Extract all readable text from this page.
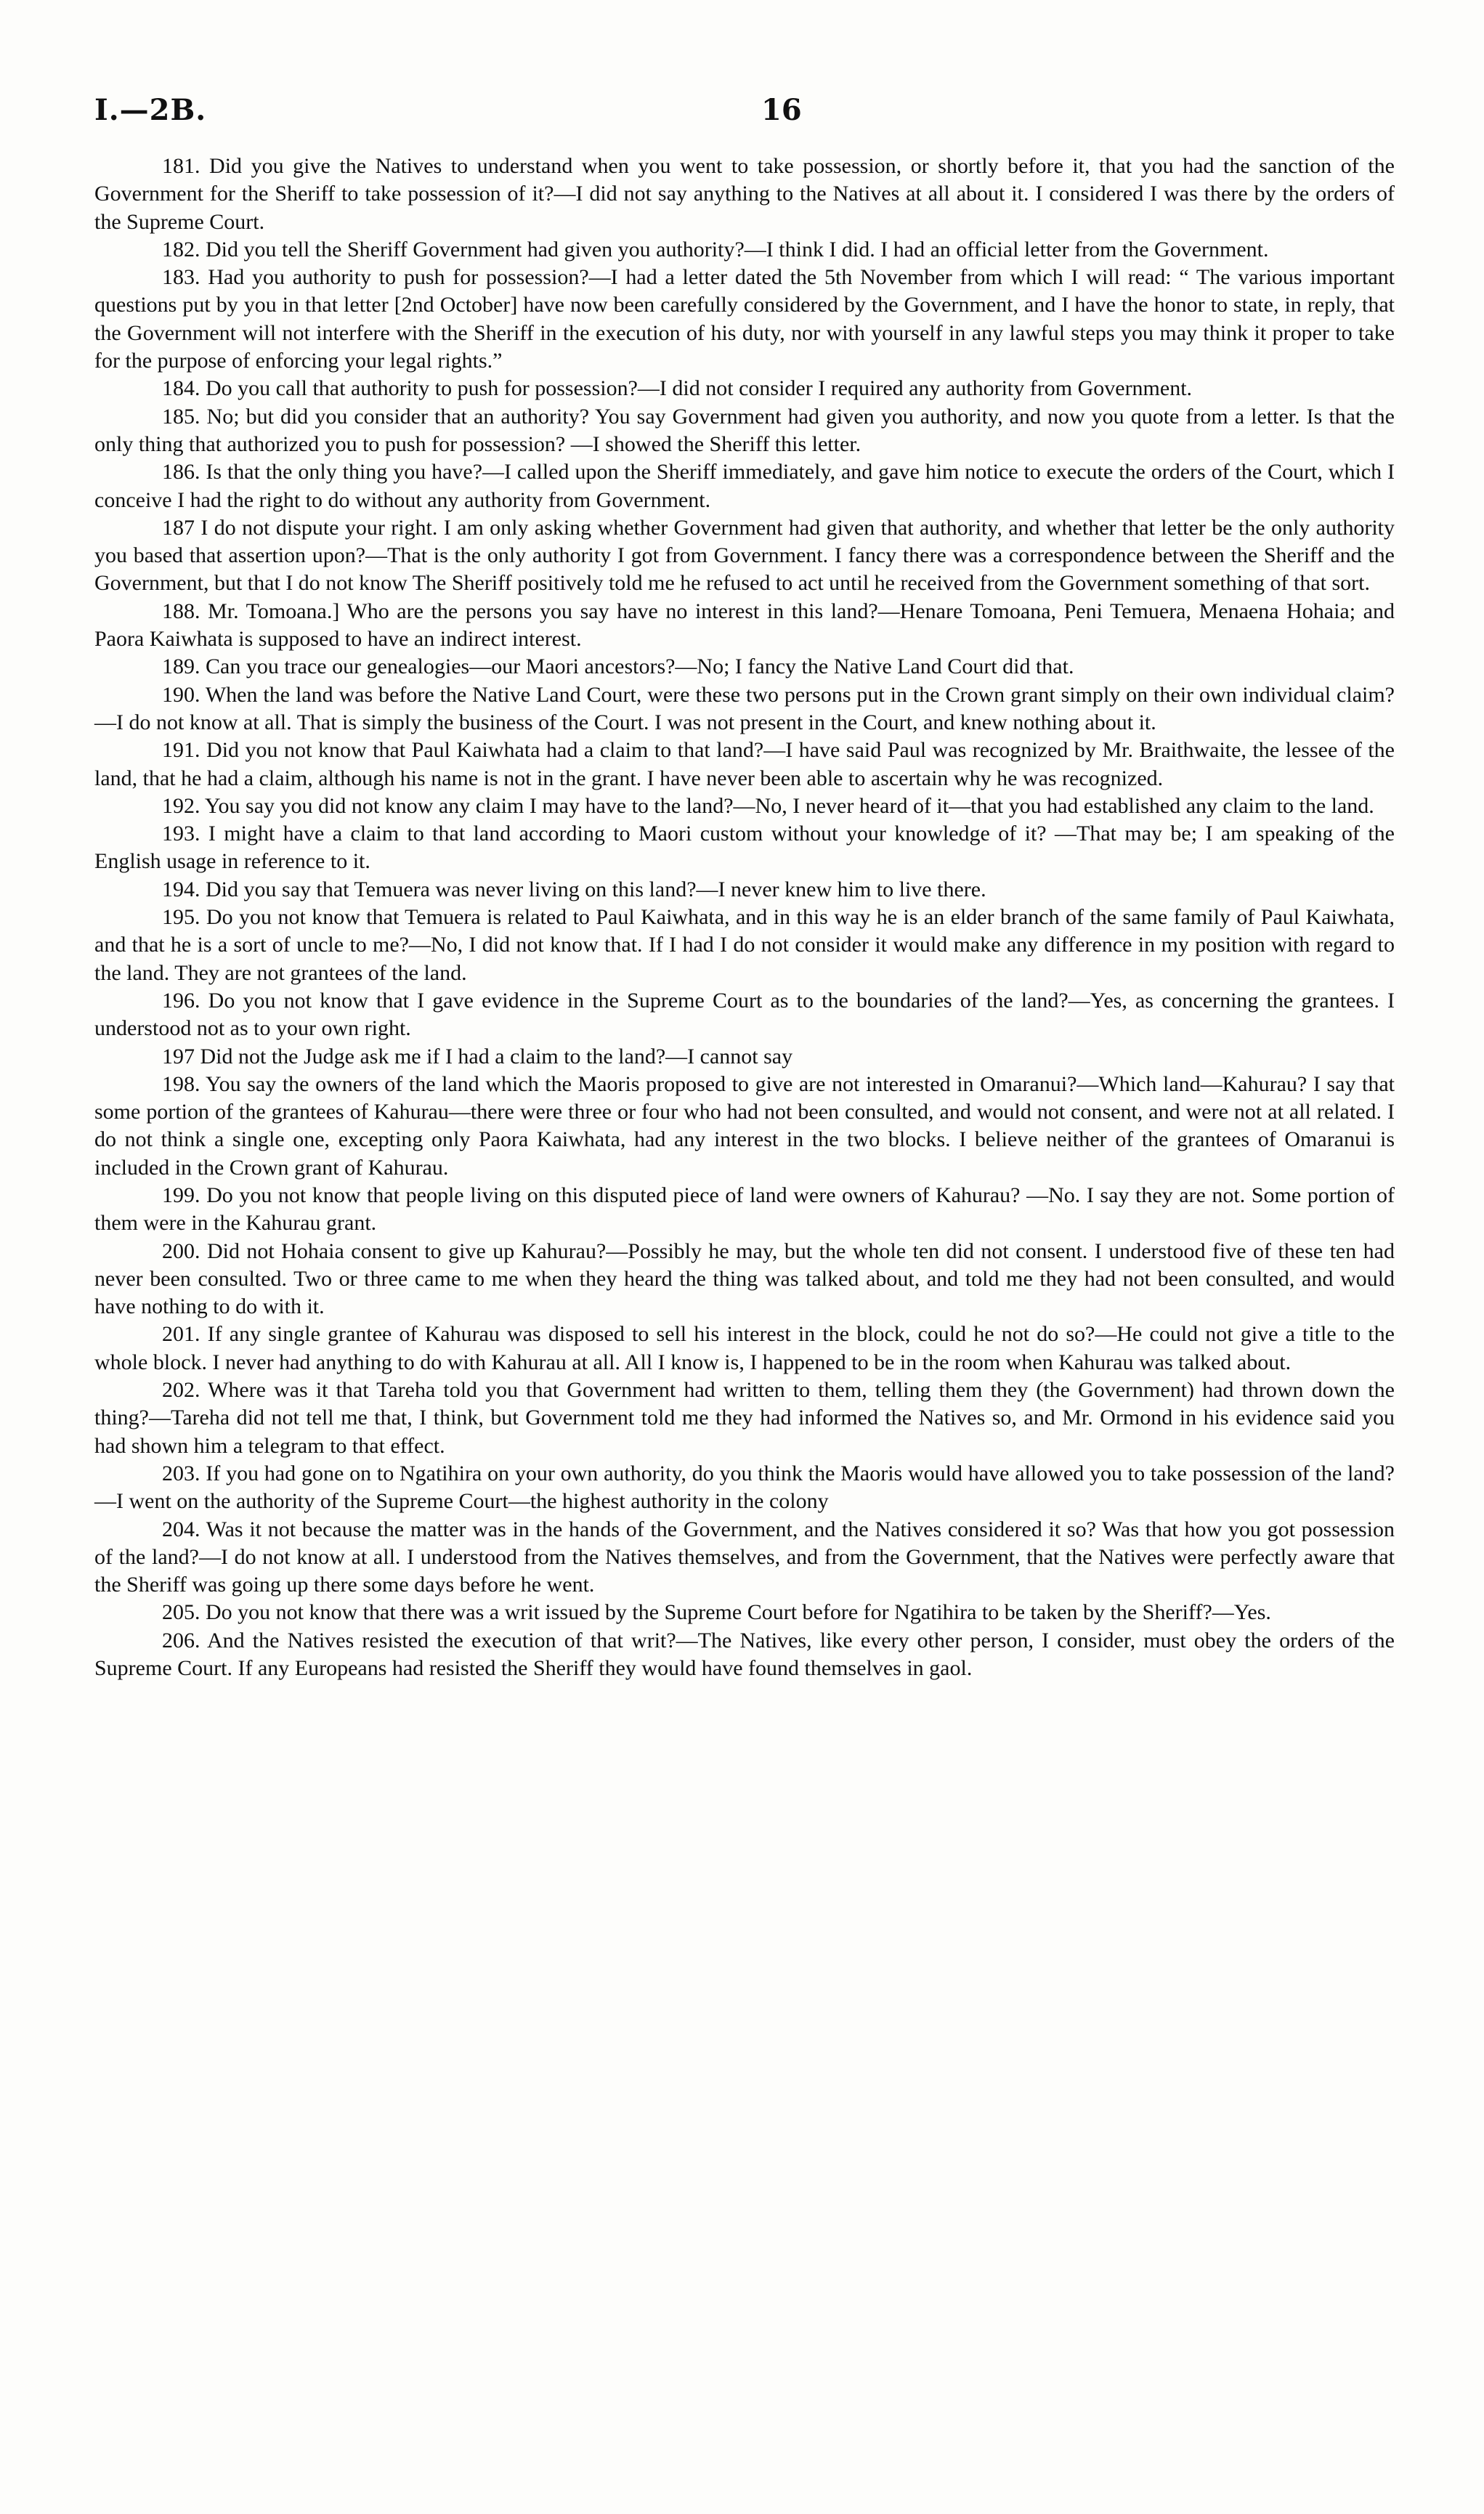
I.—2B.	16

181. Did you give the Natives to understand when you went to take possession, or shortly before it, that you had the sanction of the Government for the Sheriff to take possession of it?—I did not say anything to the Natives at all about it. I considered I was there by the orders of the Supreme Court.

182. Did you tell the Sheriff Government had given you authority?—I think I did. I had an official letter from the Government.

183. Had you authority to push for possession?—I had a letter dated the 5th November from which I will read: “ The various important questions put by you in that letter [2nd October] have now been carefully considered by the Government, and I have the honor to state, in reply, that the Government will not interfere with the Sheriff in the execution of his duty, nor with yourself in any lawful steps you may think it proper to take for the purpose of enforcing your legal rights.”

184. Do you call that authority to push for possession?—I did not consider I required any authority from Government.

185. No; but did you consider that an authority? You say Government had given you authority, and now you quote from a letter. Is that the only thing that authorized you to push for possession? —I showed the Sheriff this letter.

186. Is that the only thing you have?—I called upon the Sheriff immediately, and gave him notice to execute the orders of the Court, which I conceive I had the right to do without any authority from Government.

187 I do not dispute your right. I am only asking whether Government had given that authority, and whether that letter be the only authority you based that assertion upon?—That is the only authority I got from Government. I fancy there was a correspondence between the Sheriff and the Government, but that I do not know The Sheriff positively told me he refused to act until he received from the Government something of that sort.

188. Mr. Tomoana.] Who are the persons you say have no interest in this land?—Henare Tomoana, Peni Temuera, Menaena Hohaia; and Paora Kaiwhata is supposed to have an indirect interest.

189. Can you trace our genealogies—our Maori ancestors?—No; I fancy the Native Land Court did that.

190. When the land was before the Native Land Court, were these two persons put in the Crown grant simply on their own individual claim?—I do not know at all. That is simply the business of the Court. I was not present in the Court, and knew nothing about it.

191. Did you not know that Paul Kaiwhata had a claim to that land?—I have said Paul was recognized by Mr. Braithwaite, the lessee of the land, that he had a claim, although his name is not in the grant. I have never been able to ascertain why he was recognized.

192. You say you did not know any claim I may have to the land?—No, I never heard of it—that you had established any claim to the land.

193. I might have a claim to that land according to Maori custom without your knowledge of it? —That may be; I am speaking of the English usage in reference to it.

194. Did you say that Temuera was never living on this land?—I never knew him to live there.

195. Do you not know that Temuera is related to Paul Kaiwhata, and in this way he is an elder branch of the same family of Paul Kaiwhata, and that he is a sort of uncle to me?—No, I did not know that. If I had I do not consider it would make any difference in my position with regard to the land. They are not grantees of the land.

196. Do you not know that I gave evidence in the Supreme Court as to the boundaries of the land?—Yes, as concerning the grantees. I understood not as to your own right.

197 Did not the Judge ask me if I had a claim to the land?—I cannot say

198. You say the owners of the land which the Maoris proposed to give are not interested in Omaranui?—Which land—Kahurau? I say that some portion of the grantees of Kahurau—there were three or four who had not been consulted, and would not consent, and were not at all related. I do not think a single one, excepting only Paora Kaiwhata, had any interest in the two blocks. I believe neither of the grantees of Omaranui is included in the Crown grant of Kahurau.

199. Do you not know that people living on this disputed piece of land were owners of Kahurau? —No. I say they are not. Some portion of them were in the Kahurau grant.

200. Did not Hohaia consent to give up Kahurau?—Possibly he may, but the whole ten did not consent. I understood five of these ten had never been consulted. Two or three came to me when they heard the thing was talked about, and told me they had not been consulted, and would have nothing to do with it.

201. If any single grantee of Kahurau was disposed to sell his interest in the block, could he not do so?—He could not give a title to the whole block. I never had anything to do with Kahurau at all. All I know is, I happened to be in the room when Kahurau was talked about.

202. Where was it that Tareha told you that Government had written to them, telling them they (the Government) had thrown down the thing?—Tareha did not tell me that, I think, but Government told me they had informed the Natives so, and Mr. Ormond in his evidence said you had shown him a telegram to that effect.

203. If you had gone on to Ngatihira on your own authority, do you think the Maoris would have allowed you to take possession of the land?—I went on the authority of the Supreme Court—the highest authority in the colony

204. Was it not because the matter was in the hands of the Government, and the Natives considered it so? Was that how you got possession of the land?—I do not know at all. I understood from the Natives themselves, and from the Government, that the Natives were perfectly aware that the Sheriff was going up there some days before he went.

205. Do you not know that there was a writ issued by the Supreme Court before for Ngatihira to be taken by the Sheriff?—Yes.

206. And the Natives resisted the execution of that writ?—The Natives, like every other person, I consider, must obey the orders of the Supreme Court. If any Europeans had resisted the Sheriff they would have found themselves in gaol.
